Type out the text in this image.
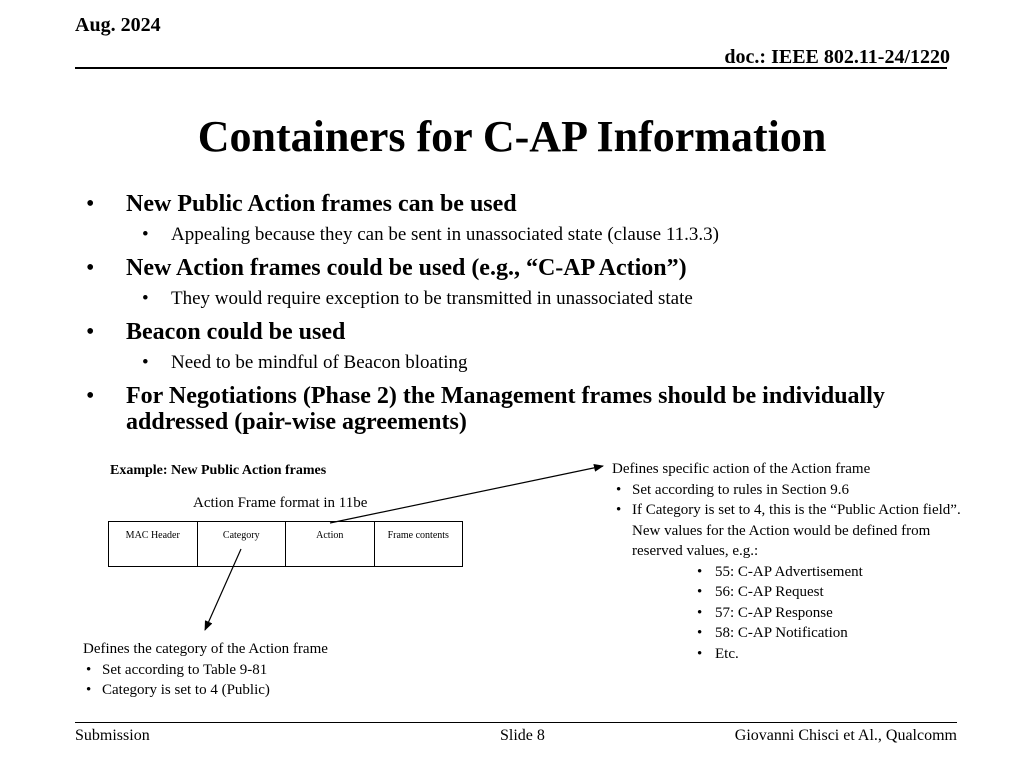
Aug. 2024
doc.: IEEE 802.11-24/1220
Containers for C-AP Information
• New Public Action frames can be used
• Appealing because they can be sent in unassociated state (clause 11.3.3)
• New Action frames could be used (e.g., “C-AP Action”)
• They would require exception to be transmitted in unassociated state
• Beacon could be used
• Need to be mindful of Beacon bloating
• For Negotiations (Phase 2) the Management frames should be individually addressed (pair-wise agreements)
Example: New Public Action frames
Action Frame format in 11be
MAC Header	Category	Action	Frame contents
Defines specific action of the Action frame
• Set according to rules in Section 9.6
• If Category is set to 4, this is the “Public Action field”. New values for the Action would be defined from reserved values, e.g.:
• 55: C-AP Advertisement
• 56: C-AP Request
• 57: C-AP Response
• 58: C-AP Notification
• Etc.
Defines the category of the Action frame
• Set according to Table 9-81
• Category is set to 4 (Public)
Submission	Slide 8	Giovanni Chisci et Al., Qualcomm
